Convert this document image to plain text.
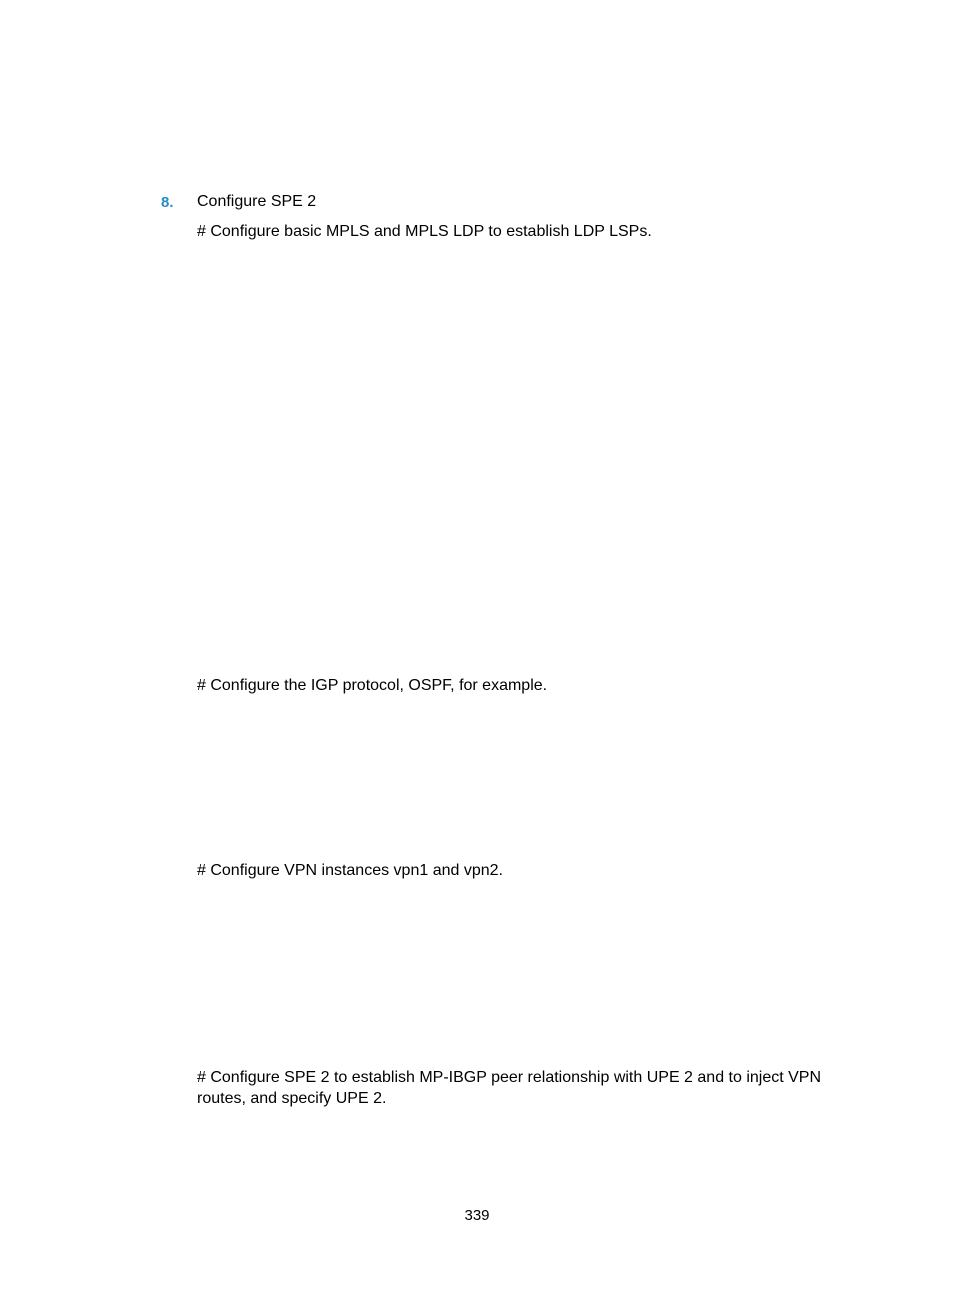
8. Configure SPE 2
# Configure basic MPLS and MPLS LDP to establish LDP LSPs.
# Configure the IGP protocol, OSPF, for example.
# Configure VPN instances vpn1 and vpn2.
# Configure SPE 2 to establish MP-IBGP peer relationship with UPE 2 and to inject VPN routes, and specify UPE 2.
339
